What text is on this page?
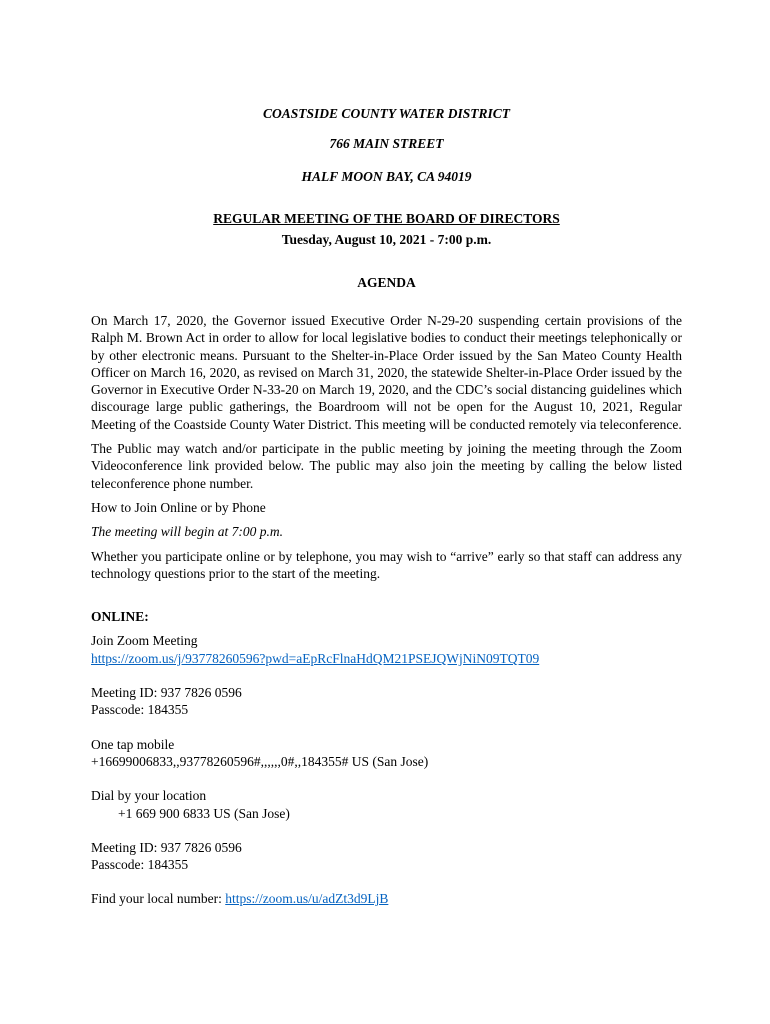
COASTSIDE COUNTY WATER DISTRICT
766 MAIN STREET
HALF MOON BAY, CA 94019
REGULAR MEETING OF THE BOARD OF DIRECTORS
Tuesday, August 10, 2021 - 7:00 p.m.
AGENDA

On March 17, 2020, the Governor issued Executive Order N-29-20 suspending certain provisions of the Ralph M. Brown Act in order to allow for local legislative bodies to conduct their meetings telephonically or by other electronic means. Pursuant to the Shelter-in-Place Order issued by the San Mateo County Health Officer on March 16, 2020, as revised on March 31, 2020, the statewide Shelter-in-Place Order issued by the Governor in Executive Order N-33-20 on March 19, 2020, and the CDC’s social distancing guidelines which discourage large public gatherings, the Boardroom will not be open for the August 10, 2021, Regular Meeting of the Coastside County Water District. This meeting will be conducted remotely via teleconference.

The Public may watch and/or participate in the public meeting by joining the meeting through the Zoom Videoconference link provided below. The public may also join the meeting by calling the below listed teleconference phone number.

How to Join Online or by Phone

The meeting will begin at 7:00 p.m.

Whether you participate online or by telephone, you may wish to “arrive” early so that staff can address any technology questions prior to the start of the meeting.

ONLINE:

Join Zoom Meeting

https://zoom.us/j/93778260596?pwd=aEpRcFlnaHdQM21PSEJQWjNiN09TQT09

Meeting ID: 937 7826 0596

Passcode: 184355

One tap mobile

+16699006833,,93778260596#,,,,,,0#,,184355# US (San Jose)

Dial by your location

+1 669 900 6833 US (San Jose)

Meeting ID: 937 7826 0596

Passcode: 184355

Find your local number: https://zoom.us/u/adZt3d9LjB
